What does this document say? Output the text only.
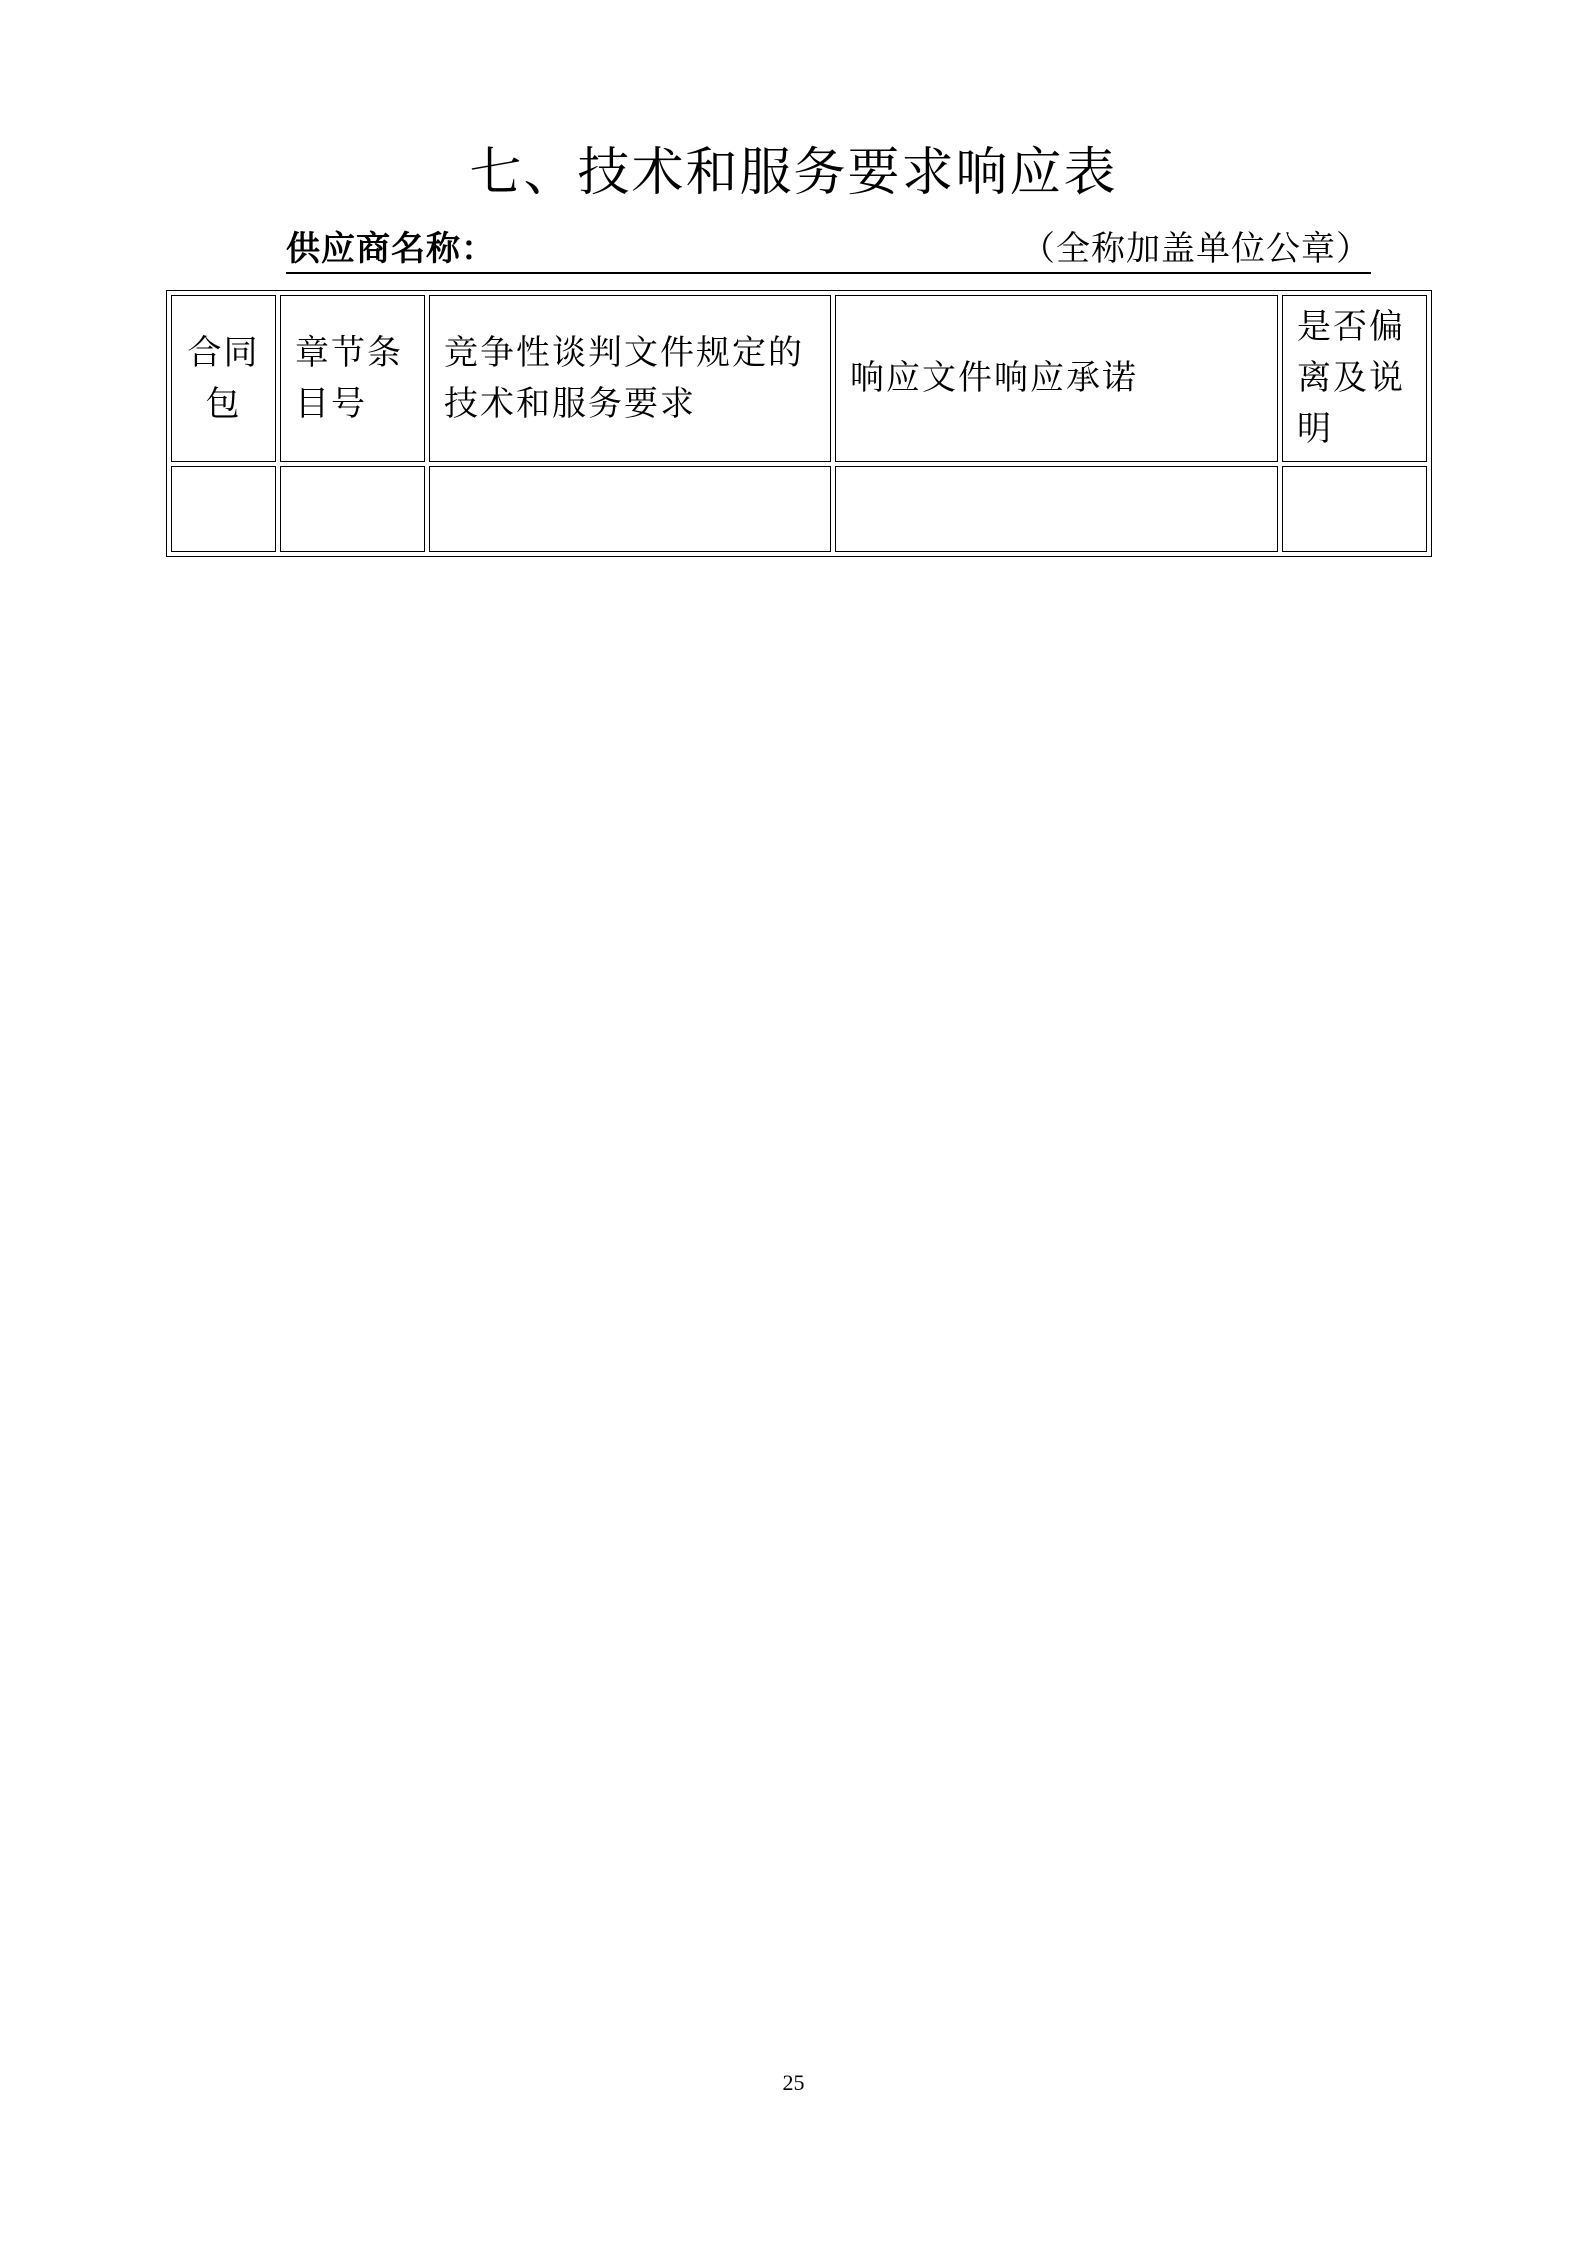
七、技术和服务要求响应表
供应商名称：	（全称加盖单位公章）
合同包	章节条目号	竞争性谈判文件规定的技术和服务要求	响应文件响应承诺	是否偏离及说明

25
